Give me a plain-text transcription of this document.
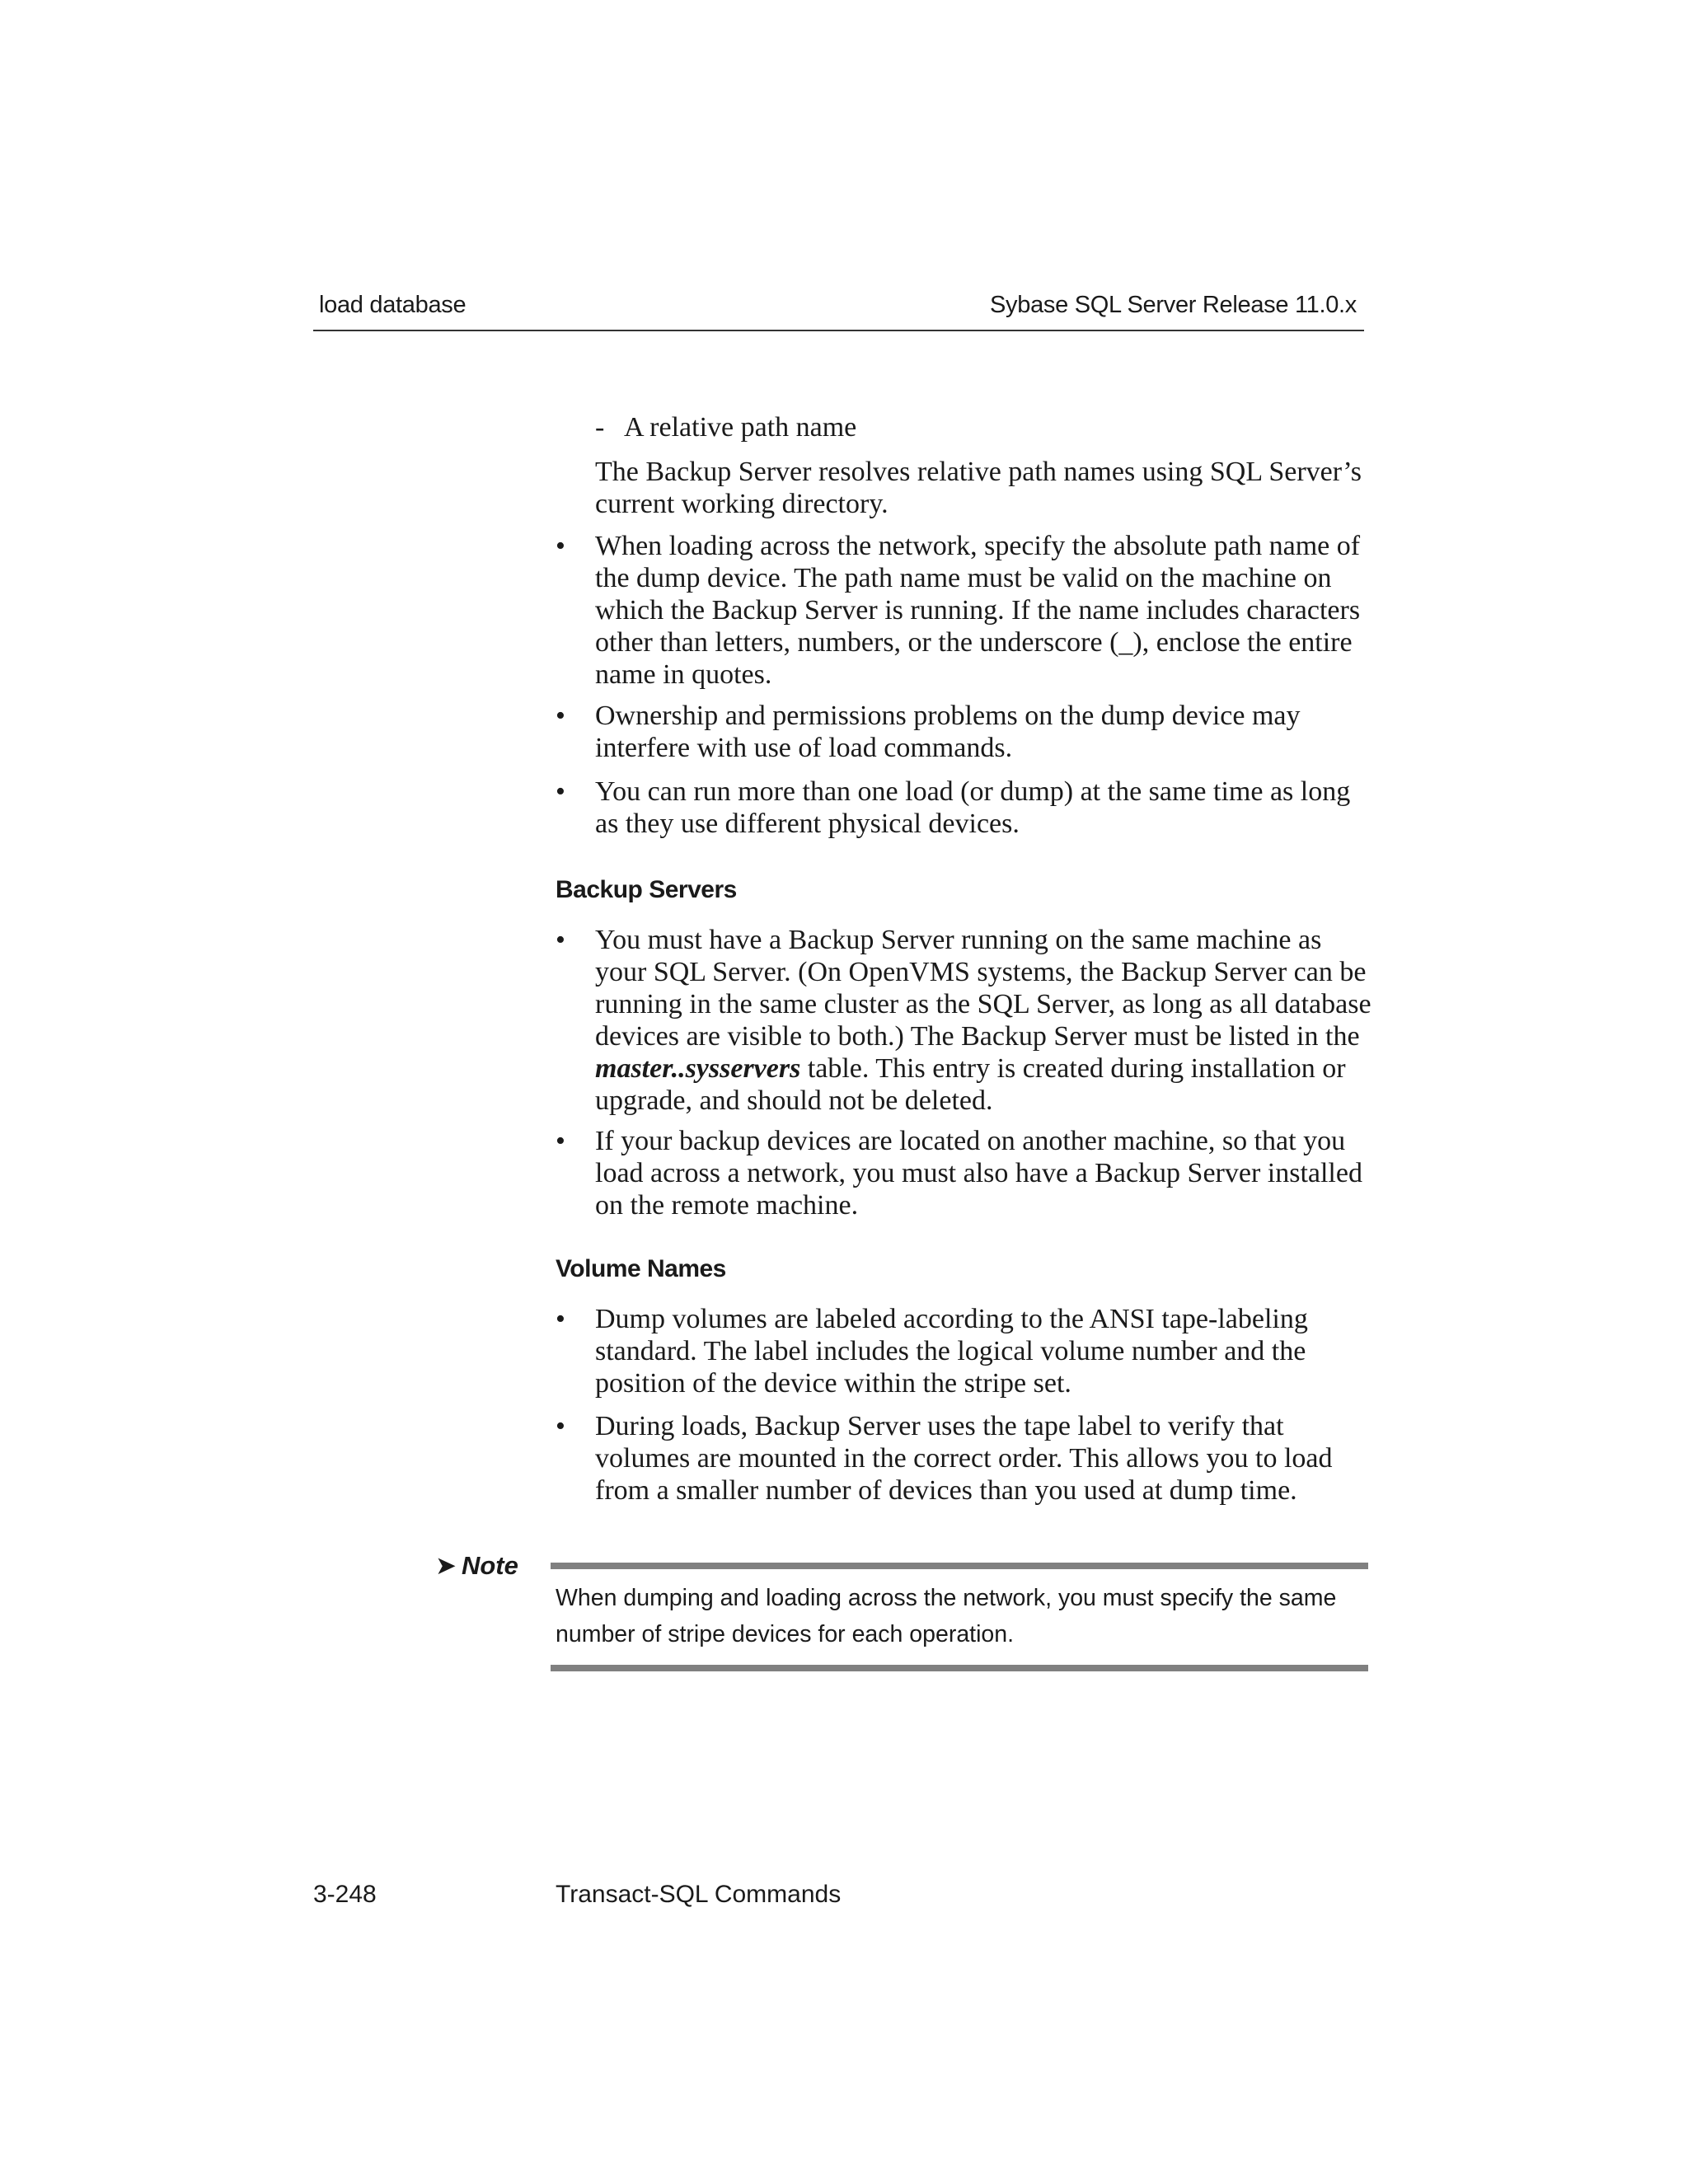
load database	Sybase SQL Server Release 11.0.x
- A relative path name
The Backup Server resolves relative path names using SQL Server’s current working directory.
•	When loading across the network, specify the absolute path name of the dump device. The path name must be valid on the machine on which the Backup Server is running. If the name includes characters other than letters, numbers, or the underscore (_), enclose the entire name in quotes.
•	Ownership and permissions problems on the dump device may interfere with use of load commands.
•	You can run more than one load (or dump) at the same time as long as they use different physical devices.
Backup Servers
•	You must have a Backup Server running on the same machine as your SQL Server. (On OpenVMS systems, the Backup Server can be running in the same cluster as the SQL Server, as long as all database devices are visible to both.) The Backup Server must be listed in the master..sysservers table. This entry is created during installation or upgrade, and should not be deleted.
•	If your backup devices are located on another machine, so that you load across a network, you must also have a Backup Server installed on the remote machine.
Volume Names
•	Dump volumes are labeled according to the ANSI tape-labeling standard. The label includes the logical volume number and the position of the device within the stripe set.
•	During loads, Backup Server uses the tape label to verify that volumes are mounted in the correct order. This allows you to load from a smaller number of devices than you used at dump time.
➤ Note
When dumping and loading across the network, you must specify the same number of stripe devices for each operation.
3-248	Transact-SQL Commands
